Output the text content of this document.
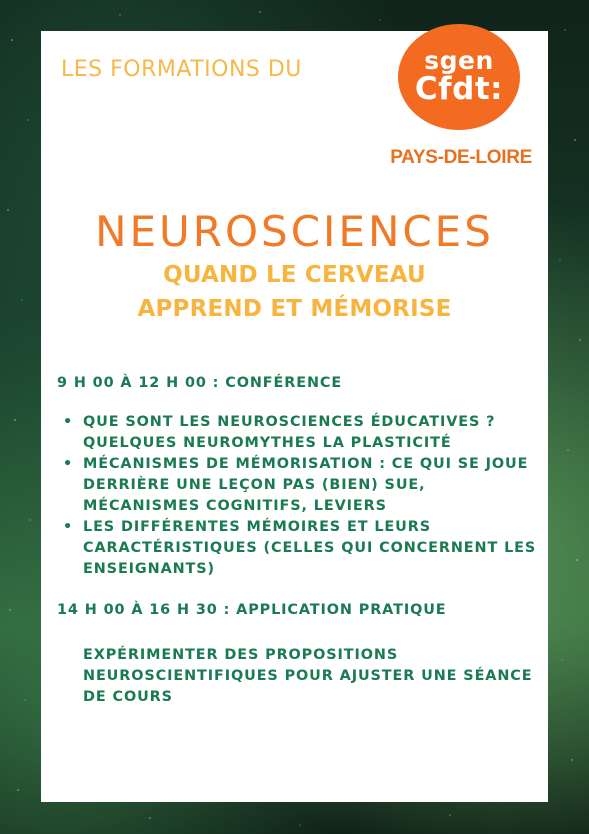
LES FORMATIONS DU	sgen
Cfdt:
PAYS-DE-LOIRE
NEUROSCIENCES
QUAND LE CERVEAU
APPREND ET MÉMORISE
9 H 00 À 12 H 00 : CONFÉRENCE
• QUE SONT LES NEUROSCIENCES ÉDUCATIVES ? QUELQUES NEUROMYTHES LA PLASTICITÉ
• MÉCANISMES DE MÉMORISATION : CE QUI SE JOUE DERRIÈRE UNE LEÇON PAS (BIEN) SUE, MÉCANISMES COGNITIFS, LEVIERS
• LES DIFFÉRENTES MÉMOIRES ET LEURS CARACTÉRISTIQUES (CELLES QUI CONCERNENT LES ENSEIGNANTS)
14 H 00 À 16 H 30 : APPLICATION PRATIQUE
EXPÉRIMENTER DES PROPOSITIONS NEUROSCIENTIFIQUES POUR AJUSTER UNE SÉANCE DE COURS
